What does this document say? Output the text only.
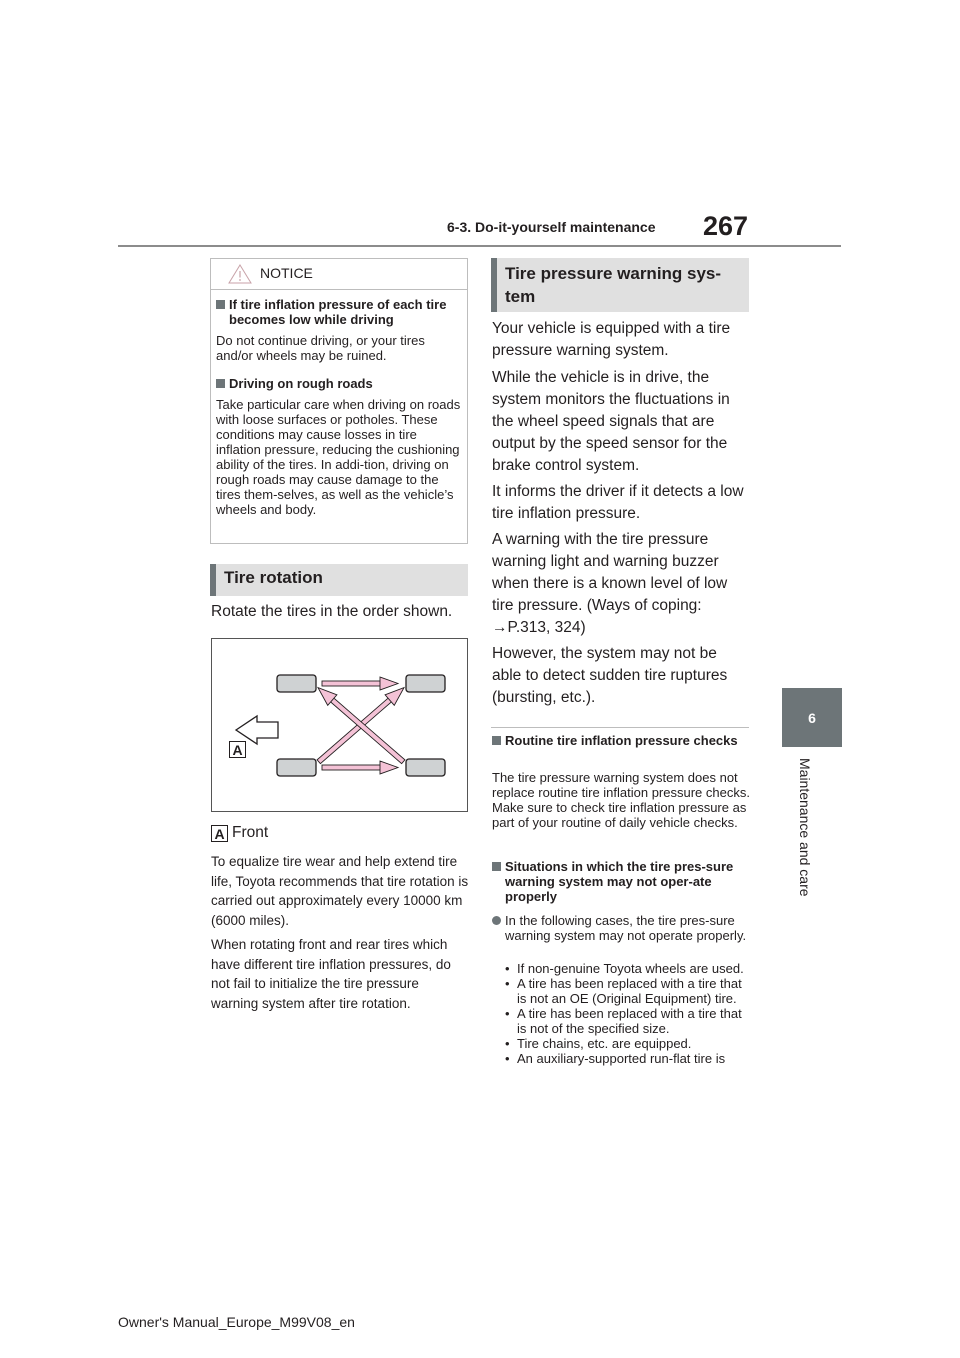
6-3. Do-it-yourself maintenance 267
6
Maintenance and care
NOTICE
If tire inflation pressure of each tire becomes low while driving
Do not continue driving, or your tires and/or wheels may be ruined.
Driving on rough roads
Take particular care when driving on roads with loose surfaces or potholes. These conditions may cause losses in tire inflation pressure, reducing the cushioning ability of the tires. In addi-tion, driving on rough roads may cause damage to the tires them-selves, as well as the vehicle’s wheels and body.
Tire rotation
Rotate the tires in the order shown.
A
A Front
To equalize tire wear and help extend tire life, Toyota recommends that tire rotation is carried out approximately every 10000 km (6000 miles).
When rotating front and rear tires which have different tire inflation pressures, do not fail to initialize the tire pressure warning system after tire rotation.
Tire pressure warning sys-tem
Your vehicle is equipped with a tire pressure warning system.
While the vehicle is in drive, the system monitors the fluctuations in the wheel speed signals that are output by the speed sensor for the brake control system.
It informs the driver if it detects a low tire inflation pressure.
A warning with the tire pressure warning light and warning buzzer when there is a known level of low tire pressure. (Ways of coping: →P.313, 324)
However, the system may not be able to detect sudden tire ruptures (bursting, etc.).
Routine tire inflation pressure checks
The tire pressure warning system does not replace routine tire inflation pressure checks. Make sure to check tire inflation pressure as part of your routine of daily vehicle checks.
Situations in which the tire pres-sure warning system may not oper-ate properly
In the following cases, the tire pres-sure warning system may not operate properly.
• If non-genuine Toyota wheels are used.
• A tire has been replaced with a tire that is not an OE (Original Equipment) tire.
• A tire has been replaced with a tire that is not of the specified size.
• Tire chains, etc. are equipped.
• An auxiliary-supported run-flat tire is
Owner's Manual_Europe_M99V08_en
